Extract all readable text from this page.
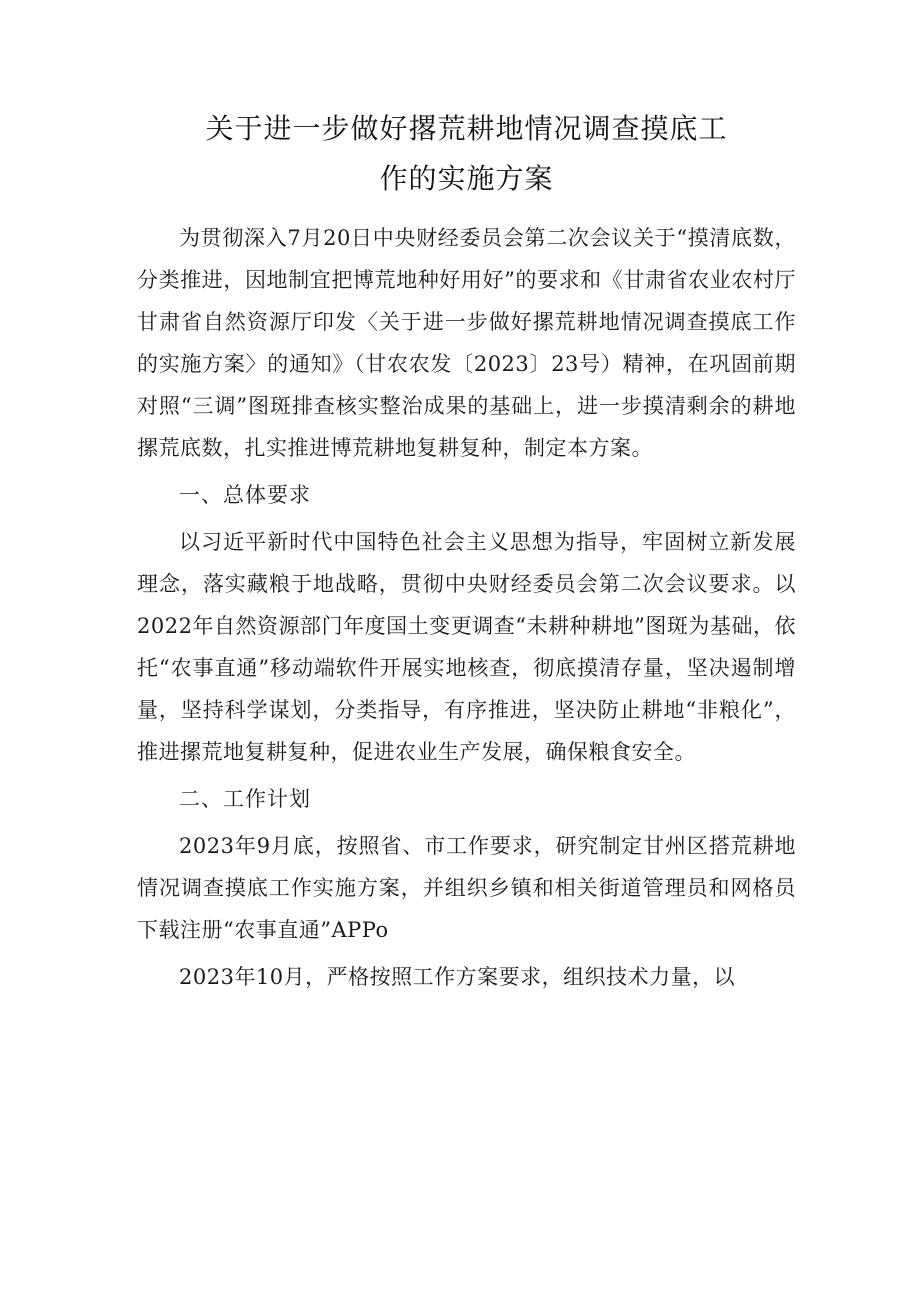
关于进一步做好撂荒耕地情况调查摸底工
作的实施方案

为贯彻深入7月20日中央财经委员会第二次会议关于“摸清底数，分类推进，因地制宜把博荒地种好用好”的要求和《甘肃省农业农村厅甘肃省自然资源厅印发〈关于进一步做好摞荒耕地情况调查摸底工作的实施方案〉的通知》（甘农农发〔2023〕23号）精神，在巩固前期对照“三调”图斑排查核实整治成果的基础上，进一步摸清剩余的耕地摞荒底数，扎实推进博荒耕地复耕复种，制定本方案。

一、总体要求

以习近平新时代中国特色社会主义思想为指导，牢固树立新发展理念，落实藏粮于地战略，贯彻中央财经委员会第二次会议要求。以2022年自然资源部门年度国土变更调查“未耕种耕地”图斑为基础，依托“农事直通”移动端软件开展实地核查，彻底摸清存量，坚决遏制增量，坚持科学谋划，分类指导，有序推进，坚决防止耕地“非粮化”，推进摞荒地复耕复种，促进农业生产发展，确保粮食安全。

二、工作计划

2023年9月底，按照省、市工作要求，研究制定甘州区搭荒耕地情况调查摸底工作实施方案，并组织乡镇和相关街道管理员和网格员下载注册“农事直通”APPo

2023年10月，严格按照工作方案要求，组织技术力量，以
